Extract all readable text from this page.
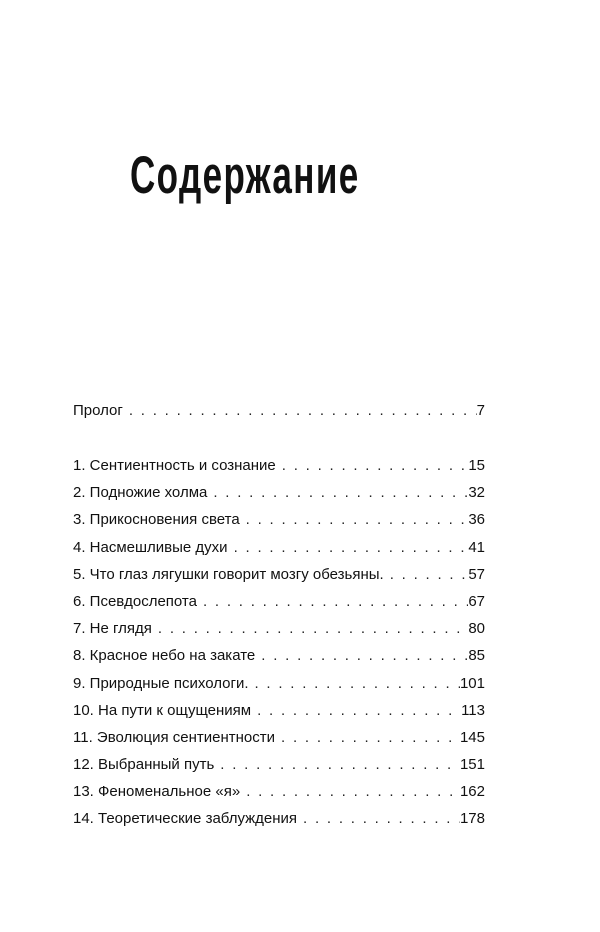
Содержание
Пролог . . .	7
1. Сентиентность и сознание . . .	15
2. Подножие холма . . .	32
3. Прикосновения света . . .	36
4. Насмешливые духи . . .	41
5. Что глаз лягушки говорит мозгу обезьяны. . . .	57
6. Псевдослепота . . .	67
7. Не глядя . . .	80
8. Красное небо на закате . . .	85
9. Природные психологи. . . .	101
10. На пути к ощущениям . . .	113
11. Эволюция сентиентности . . .	145
12. Выбранный путь . . .	151
13. Феноменальное «я» . . .	162
14. Теоретические заблуждения . . .	178
